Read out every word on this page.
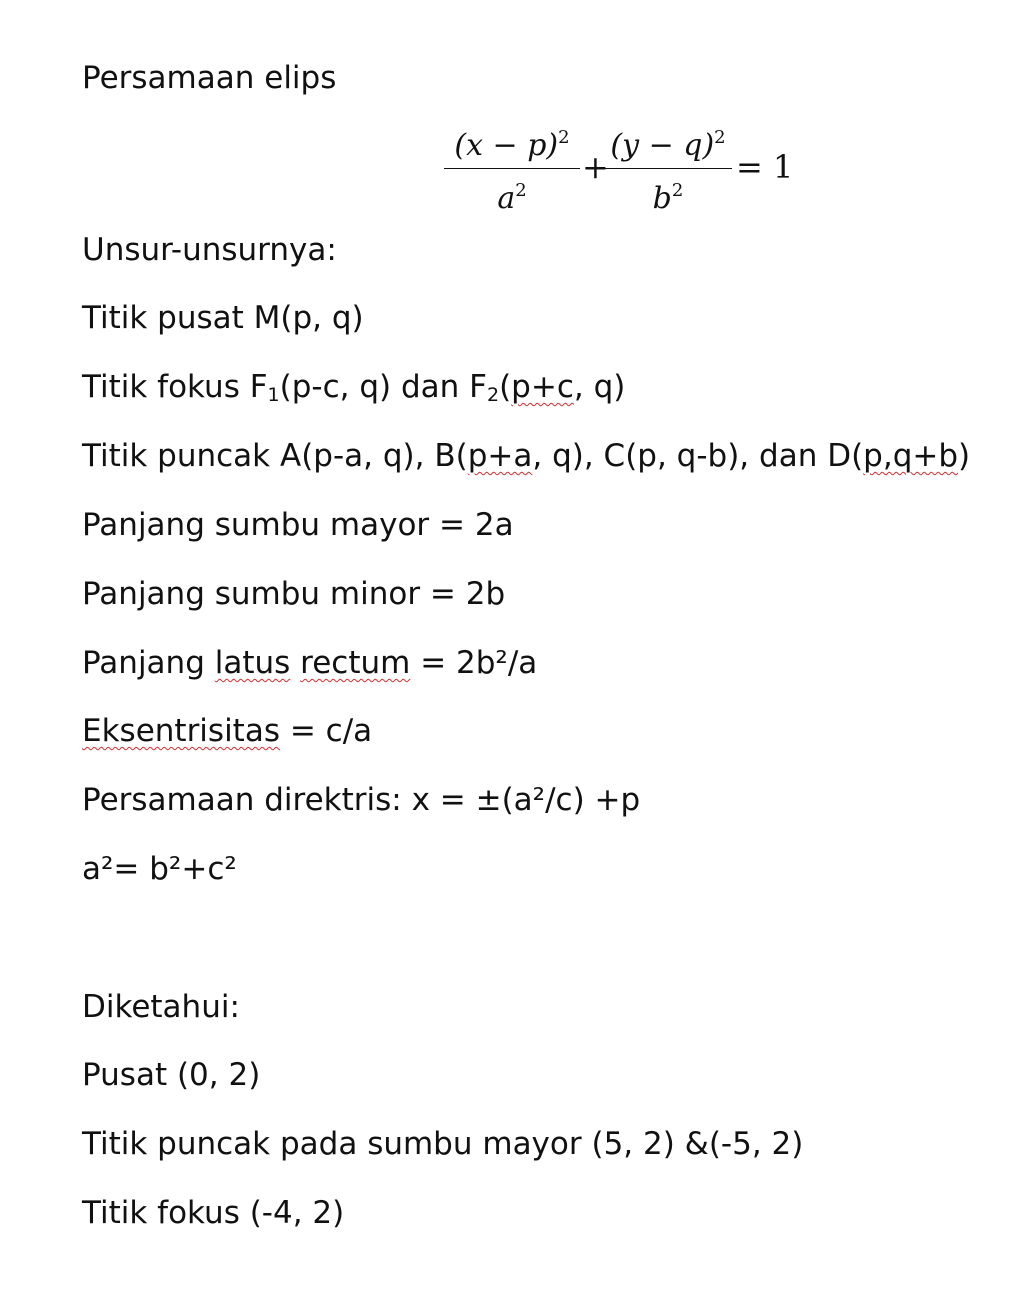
Persamaan elips
$(x - p)^2$
$a^2$
+
$(y - q)^2$
$b^2$
= 1
Unsur-unsurnya:
Titik pusat M(p, q)
Titik fokus $F_1(p-c$, q) dan $F_2(p+c$, q)
Titik puncak A(p-a, q), B(p+a, q), C(p, q-b), dan D(p,q+b)
Panjang sumbu mayor = 2a
Panjang sumbu minor = 2b
Panjang latus rectum = 2b²/a
Eksentrisitas = c/a
Persamaan direktris: x = ±(a²/c) +p
a²= b²+c²
Diketahui:
Pusat (0, 2)
Titik puncak pada sumbu mayor (5, 2) &(-5, 2)
Titik fokus (-4, 2)
